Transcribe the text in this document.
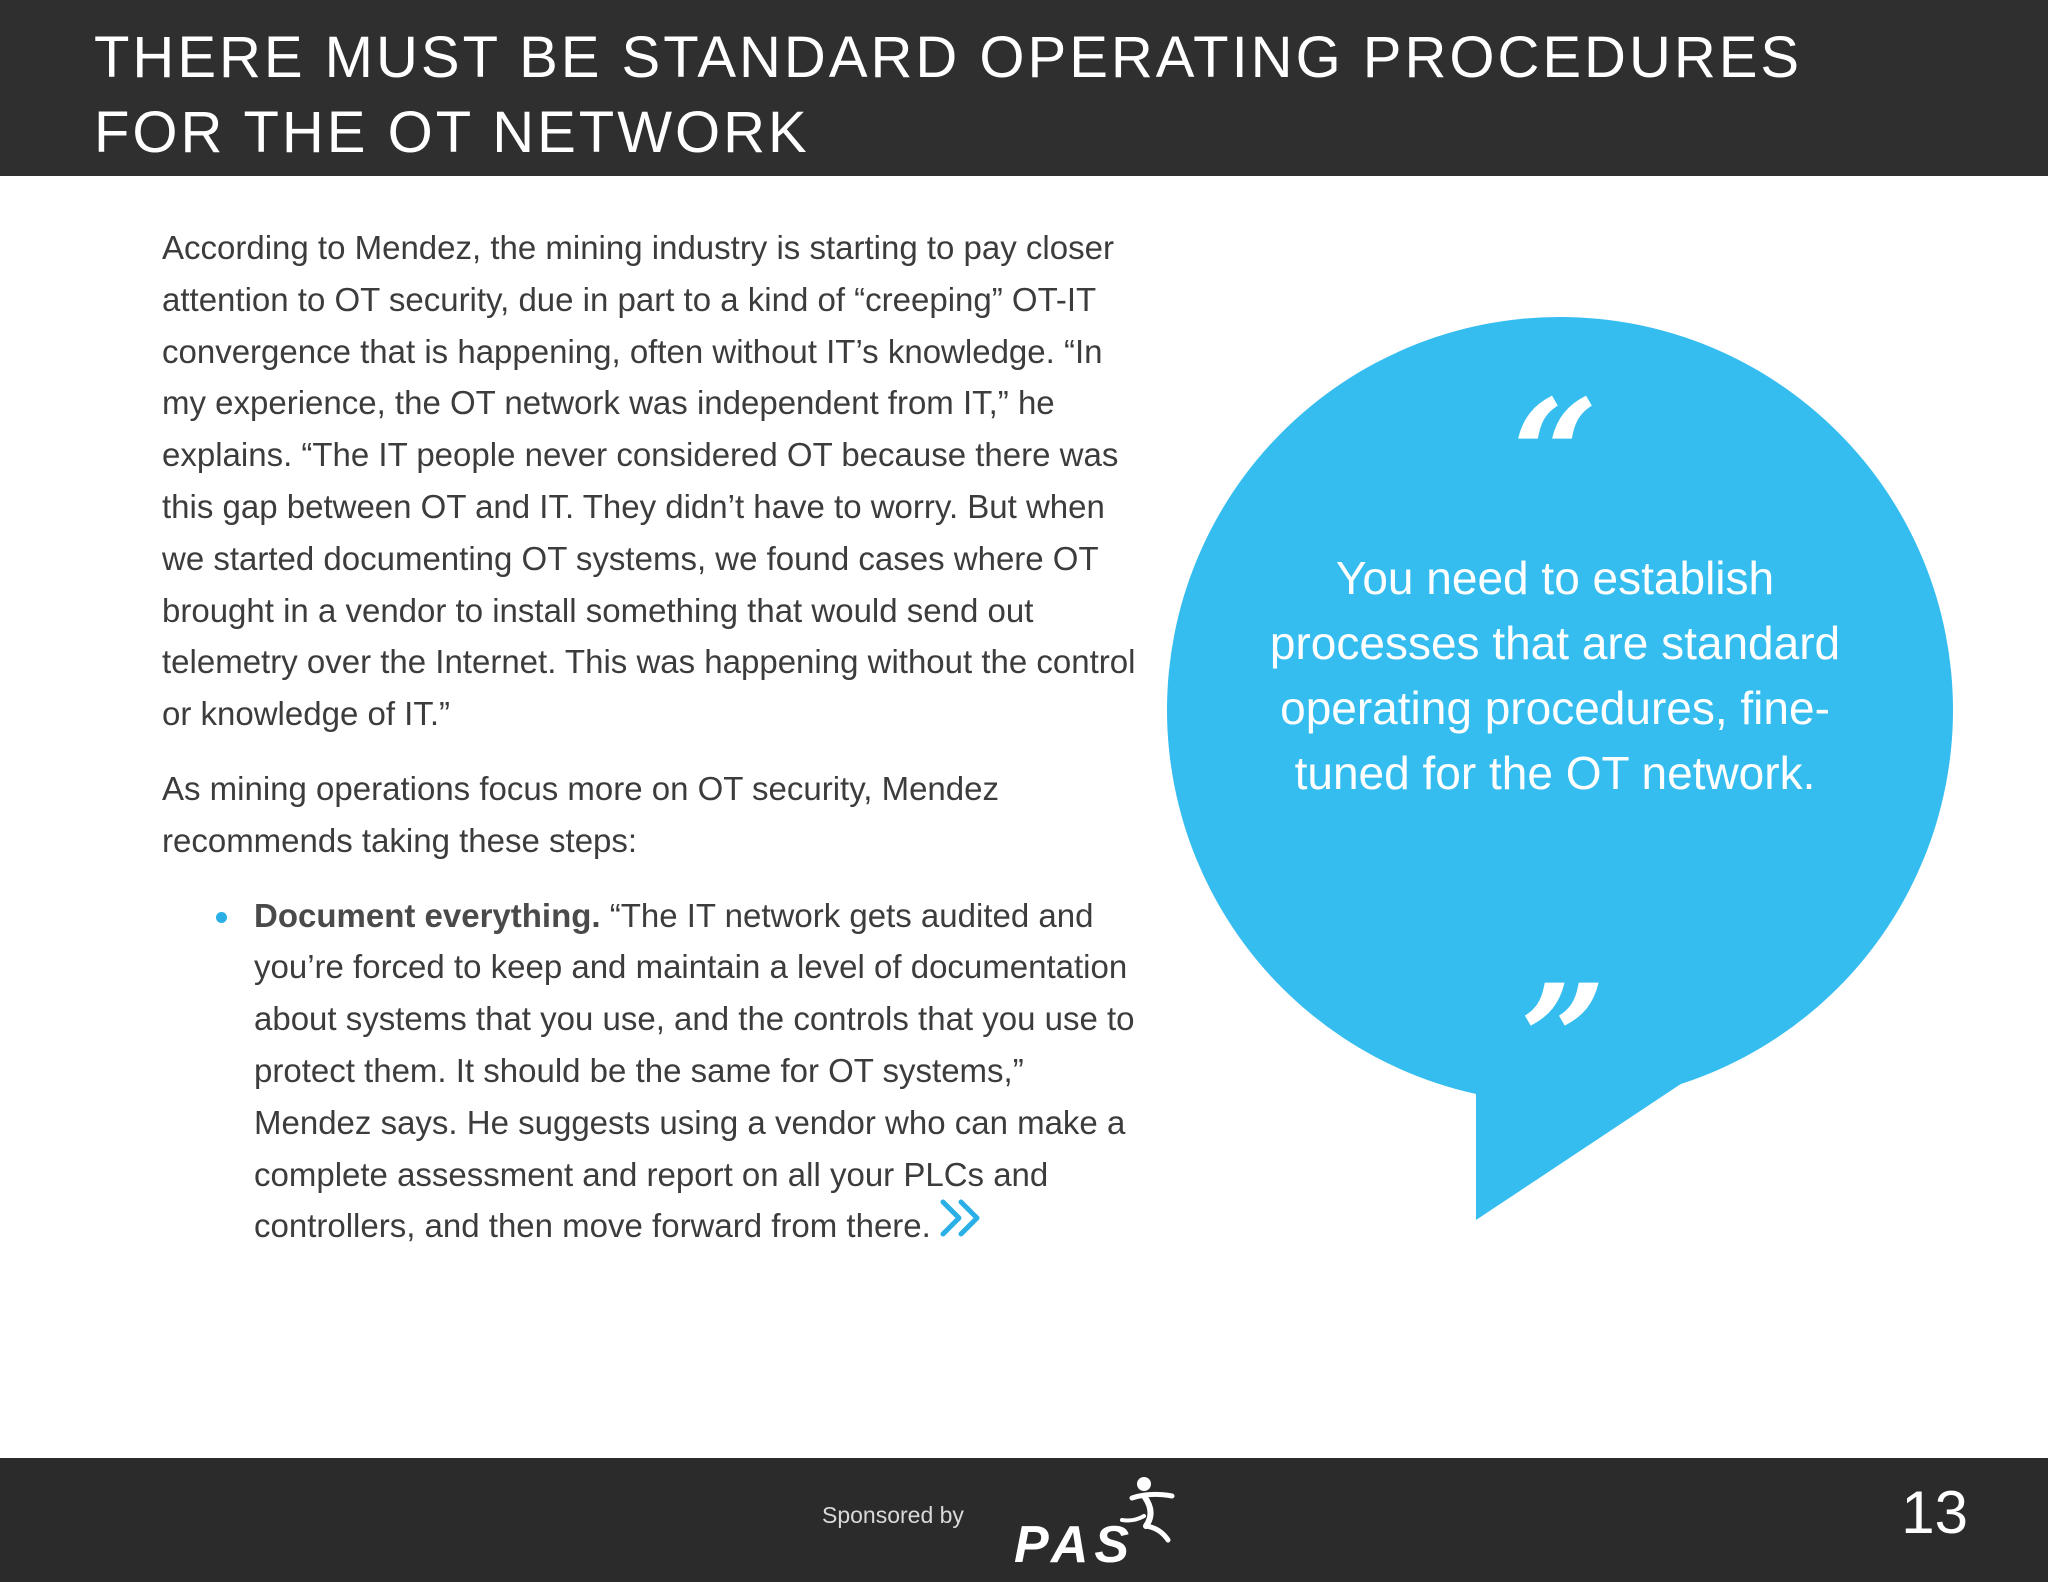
THERE MUST BE STANDARD OPERATING PROCEDURES FOR THE OT NETWORK

According to Mendez, the mining industry is starting to pay closer attention to OT security, due in part to a kind of “creeping” OT-IT convergence that is happening, often without IT’s knowledge. “In my experience, the OT network was independent from IT,” he explains. “The IT people never considered OT because there was this gap between OT and IT. They didn’t have to worry. But when we started documenting OT systems, we found cases where OT brought in a vendor to install something that would send out telemetry over the Internet. This was happening without the control or knowledge of IT.”

As mining operations focus more on OT security, Mendez recommends taking these steps:

Document everything. “The IT network gets audited and you’re forced to keep and maintain a level of documentation about systems that you use, and the controls that you use to protect them. It should be the same for OT systems,” Mendez says. He suggests using a vendor who can make a complete assessment and report on all your PLCs and controllers, and then move forward from there.
“

You need to establish processes that are standard operating procedures, fine-tuned for the OT network.

”
Sponsored by
PAS	13
